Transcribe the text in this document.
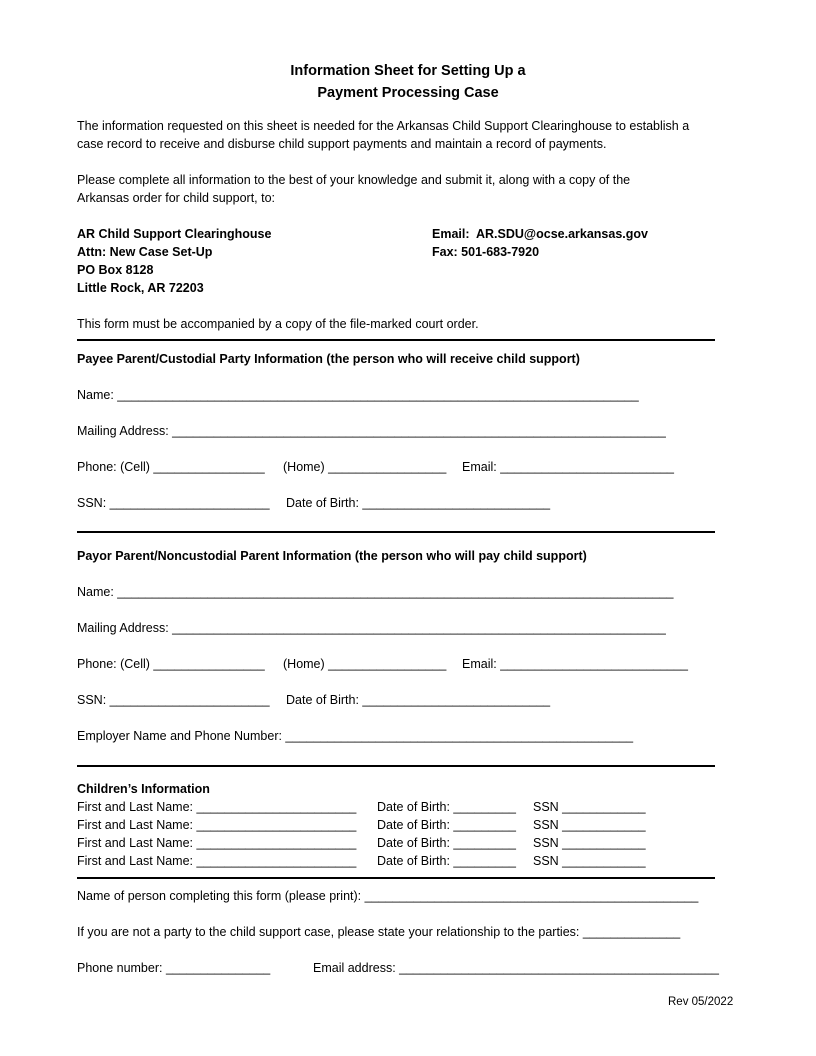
Information Sheet for Setting Up a
Payment Processing Case
The information requested on this sheet is needed for the Arkansas Child Support Clearinghouse to establish a
case record to receive and disburse child support payments and maintain a record of payments.
Please complete all information to the best of your knowledge and submit it, along with a copy of the
Arkansas order for child support, to:
AR Child Support Clearinghouse
Attn: New Case Set-Up
PO Box 8128
Little Rock, AR 72203
Email:  AR.SDU@ocse.arkansas.gov
Fax: 501-683-7920
This form must be accompanied by a copy of the file-marked court order.
Payee Parent/Custodial Party Information (the person who will receive child support)
Name: ___________________________________________________________________________
Mailing Address: _______________________________________________________________________
Phone: (Cell) ________________ (Home) _________________ Email: _________________________
SSN: _______________________ Date of Birth: ___________________________
Payor Parent/Noncustodial Parent Information (the person who will pay child support)
Name: ________________________________________________________________________________
Mailing Address: _______________________________________________________________________
Phone: (Cell) ________________ (Home) _________________ Email: ___________________________
SSN: _______________________ Date of Birth: ___________________________
Employer Name and Phone Number: __________________________________________________
Children’s Information
First and Last Name: _______________________ Date of Birth: _________ SSN ____________
First and Last Name: _______________________ Date of Birth: _________ SSN ____________
First and Last Name: _______________________ Date of Birth: _________ SSN ____________
First and Last Name: _______________________ Date of Birth: _________ SSN ____________
Name of person completing this form (please print): ________________________________________________
If you are not a party to the child support case, please state your relationship to the parties: ______________
Phone number: _______________	Email address: ______________________________________________
Rev 05/2022
